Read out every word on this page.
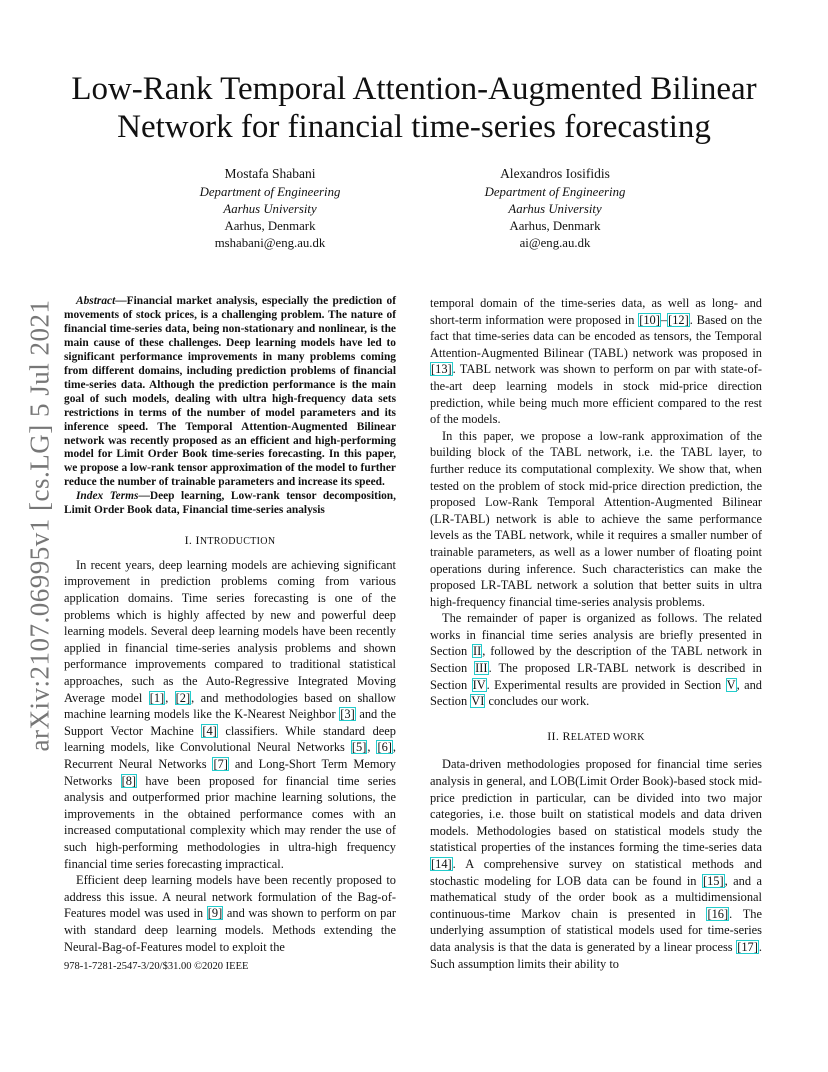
arXiv:2107.06995v1 [cs.LG] 5 Jul 2021
Low-Rank Temporal Attention-Augmented Bilinear
Network for financial time-series forecasting
Mostafa Shabani
Department of Engineering
Aarhus University
Aarhus, Denmark
mshabani@eng.au.dk
Alexandros Iosifidis
Department of Engineering
Aarhus University
Aarhus, Denmark
ai@eng.au.dk

Abstract—Financial market analysis, especially the prediction of movements of stock prices, is a challenging problem. The nature of financial time-series data, being non-stationary and nonlinear, is the main cause of these challenges. Deep learning models have led to significant performance improvements in many problems coming from different domains, including prediction problems of financial time-series data. Although the prediction performance is the main goal of such models, dealing with ultra high-frequency data sets restrictions in terms of the number of model parameters and its inference speed. The Temporal Attention-Augmented Bilinear network was recently proposed as an efficient and high-performing model for Limit Order Book time-series forecasting. In this paper, we propose a low-rank tensor approximation of the model to further reduce the number of trainable parameters and increase its speed.

Index Terms—Deep learning, Low-rank tensor decomposition, Limit Order Book data, Financial time-series analysis

I. INTRODUCTION

In recent years, deep learning models are achieving significant improvement in prediction problems coming from various application domains. Time series forecasting is one of the problems which is highly affected by new and powerful deep learning models. Several deep learning models have been recently applied in financial time-series analysis problems and shown performance improvements compared to traditional statistical approaches, such as the Auto-Regressive Integrated Moving Average model [1], [2], and methodologies based on shallow machine learning models like the K-Nearest Neighbor [3] and the Support Vector Machine [4] classifiers. While standard deep learning models, like Convolutional Neural Networks [5], [6], Recurrent Neural Networks [7] and Long-Short Term Memory Networks [8] have been proposed for financial time series analysis and outperformed prior machine learning solutions, the improvements in the obtained performance comes with an increased computational complexity which may render the use of such high-performing methodologies in ultra-high frequency financial time series forecasting impractical.

Efficient deep learning models have been recently proposed to address this issue. A neural network formulation of the Bag-of-Features model was used in [9] and was shown to perform on par with standard deep learning models. Methods extending the Neural-Bag-of-Features model to exploit the

978-1-7281-2547-3/20/$31.00 ©2020 IEEE

temporal domain of the time-series data, as well as long- and short-term information were proposed in [10]–[12]. Based on the fact that time-series data can be encoded as tensors, the Temporal Attention-Augmented Bilinear (TABL) network was proposed in [13]. TABL network was shown to perform on par with state-of-the-art deep learning models in stock mid-price direction prediction, while being much more efficient compared to the rest of the models.

In this paper, we propose a low-rank approximation of the building block of the TABL network, i.e. the TABL layer, to further reduce its computational complexity. We show that, when tested on the problem of stock mid-price direction prediction, the proposed Low-Rank Temporal Attention-Augmented Bilinear (LR-TABL) network is able to achieve the same performance levels as the TABL network, while it requires a smaller number of trainable parameters, as well as a lower number of floating point operations during inference. Such characteristics can make the proposed LR-TABL network a solution that better suits in ultra high-frequency financial time-series analysis problems.

The remainder of paper is organized as follows. The related works in financial time series analysis are briefly presented in Section II, followed by the description of the TABL network in Section III. The proposed LR-TABL network is described in Section IV. Experimental results are provided in Section V, and Section VI concludes our work.

II. RELATED WORK

Data-driven methodologies proposed for financial time series analysis in general, and LOB(Limit Order Book)-based stock mid-price prediction in particular, can be divided into two major categories, i.e. those built on statistical models and data driven models. Methodologies based on statistical models study the statistical properties of the instances forming the time-series data [14]. A comprehensive survey on statistical methods and stochastic modeling for LOB data can be found in [15], and a mathematical study of the order book as a multidimensional continuous-time Markov chain is presented in [16]. The underlying assumption of statistical models used for time-series data analysis is that the data is generated by a linear process [17]. Such assumption limits their ability to
